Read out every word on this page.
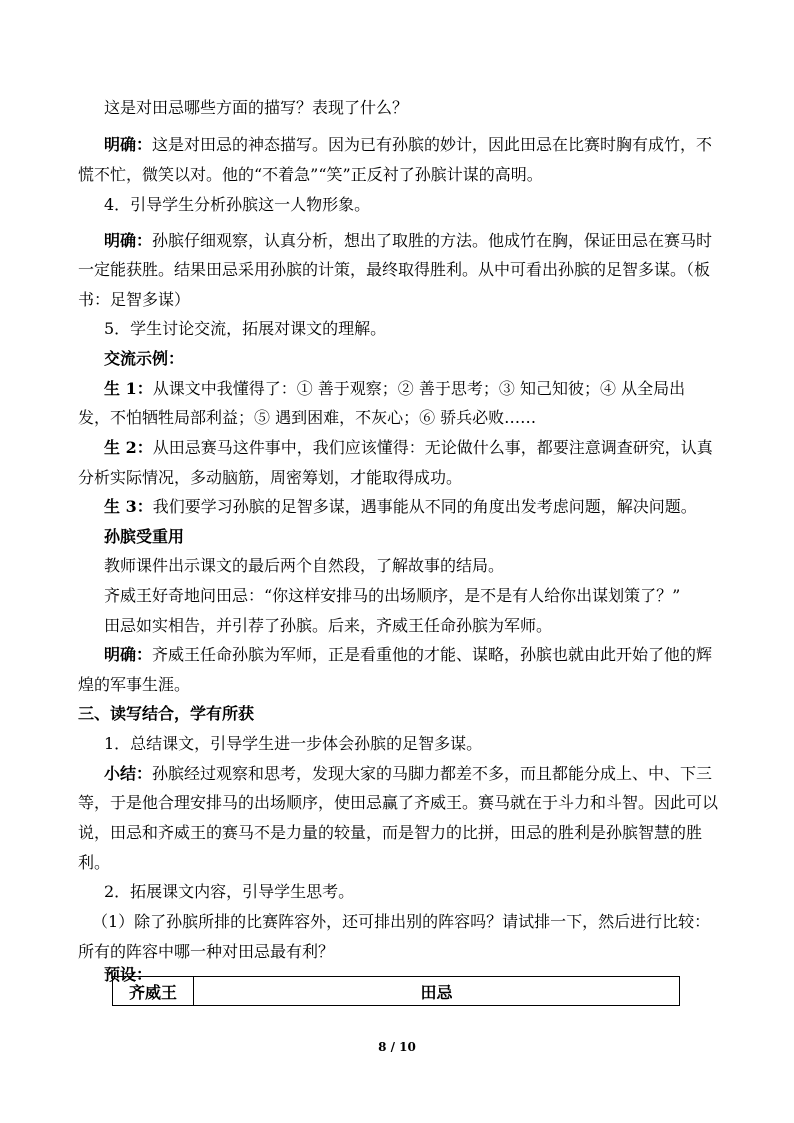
这是对田忌哪些方面的描写？表现了什么？
明确：这是对田忌的神态描写。因为已有孙膑的妙计，因此田忌在比赛时胸有成竹，不
慌不忙，微笑以对。他的“不着急”“笑”正反衬了孙膑计谋的高明。
4．引导学生分析孙膑这一人物形象。
明确：孙膑仔细观察，认真分析，想出了取胜的方法。他成竹在胸，保证田忌在赛马时
一定能获胜。结果田忌采用孙膑的计策，最终取得胜利。从中可看出孙膑的足智多谋。（板
书：足智多谋）
5．学生讨论交流，拓展对课文的理解。
交流示例：
生 1：从课文中我懂得了：① 善于观察；② 善于思考；③ 知己知彼；④ 从全局出
发，不怕牺牲局部利益；⑤ 遇到困难，不灰心；⑥ 骄兵必败……
生 2：从田忌赛马这件事中，我们应该懂得：无论做什么事，都要注意调查研究，认真
分析实际情况，多动脑筋，周密筹划，才能取得成功。
生 3：我们要学习孙膑的足智多谋，遇事能从不同的角度出发考虑问题，解决问题。
孙膑受重用
教师课件出示课文的最后两个自然段，了解故事的结局。
齐威王好奇地问田忌：“你这样安排马的出场顺序，是不是有人给你出谋划策了？”
田忌如实相告，并引荐了孙膑。后来，齐威王任命孙膑为军师。
明确：齐威王任命孙膑为军师，正是看重他的才能、谋略，孙膑也就由此开始了他的辉
煌的军事生涯。
三、读写结合，学有所获
1．总结课文，引导学生进一步体会孙膑的足智多谋。
小结：孙膑经过观察和思考，发现大家的马脚力都差不多，而且都能分成上、中、下三
等，于是他合理安排马的出场顺序，使田忌赢了齐威王。赛马就在于斗力和斗智。因此可以
说，田忌和齐威王的赛马不是力量的较量，而是智力的比拼，田忌的胜利是孙膑智慧的胜
利。
2．拓展课文内容，引导学生思考。
（1）除了孙膑所排的比赛阵容外，还可排出别的阵容吗？请试排一下，然后进行比较：
所有的阵容中哪一种对田忌最有利？
预设：
齐威王	田忌
8 / 10
